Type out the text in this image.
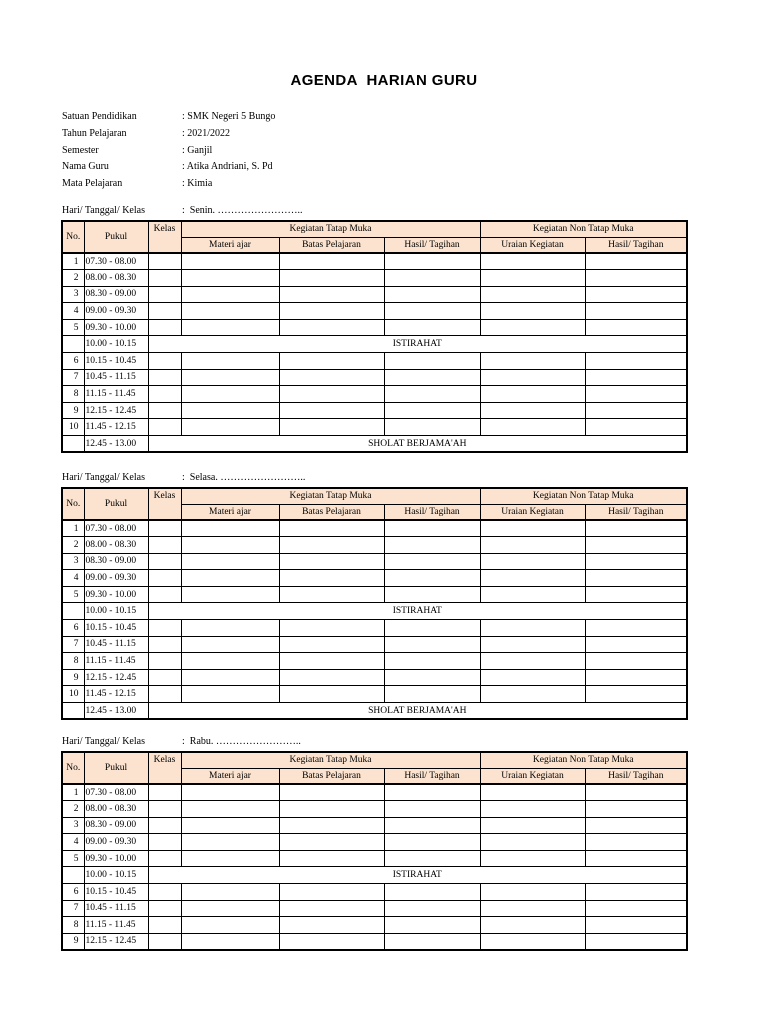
AGENDA  HARIAN GURU
Satuan Pendidikan	: SMK Negeri 5 Bungo
Tahun Pelajaran	: 2021/2022
Semester	: Ganjil
Nama Guru	: Atika Andriani, S. Pd
Mata Pelajaran	: Kimia
Hari/ Tanggal/ Kelas	:  Senin. ……………………..
No.	Pukul	Kelas	Kegiatan Tatap Muka			Kegiatan Non Tatap Muka	
			Materi ajar	Batas Pelajaran	Hasil/ Tagihan	Uraian Kegiatan	Hasil/ Tagihan
1	07.30 - 08.00						
2	08.00 - 08.30						
3	08.30 - 09.00						
4	09.00 - 09.30						
5	09.30 - 10.00						
	10.00 - 10.15	ISTIRAHAT					
6	10.15 - 10.45						
7	10.45 - 11.15						
8	11.15 - 11.45						
9	12.15 - 12.45						
10	11.45 - 12.15						
	12.45 - 13.00	SHOLAT BERJAMA'AH					
Hari/ Tanggal/ Kelas	:  Selasa. ……………………..
No.	Pukul	Kelas	Kegiatan Tatap Muka			Kegiatan Non Tatap Muka	
			Materi ajar	Batas Pelajaran	Hasil/ Tagihan	Uraian Kegiatan	Hasil/ Tagihan
1	07.30 - 08.00						
2	08.00 - 08.30						
3	08.30 - 09.00						
4	09.00 - 09.30						
5	09.30 - 10.00						
	10.00 - 10.15	ISTIRAHAT					
6	10.15 - 10.45						
7	10.45 - 11.15						
8	11.15 - 11.45						
9	12.15 - 12.45						
10	11.45 - 12.15						
	12.45 - 13.00	SHOLAT BERJAMA'AH					
Hari/ Tanggal/ Kelas	:  Rabu. ……………………..
No.	Pukul	Kelas	Kegiatan Tatap Muka			Kegiatan Non Tatap Muka	
			Materi ajar	Batas Pelajaran	Hasil/ Tagihan	Uraian Kegiatan	Hasil/ Tagihan
1	07.30 - 08.00						
2	08.00 - 08.30						
3	08.30 - 09.00						
4	09.00 - 09.30						
5	09.30 - 10.00						
	10.00 - 10.15	ISTIRAHAT					
6	10.15 - 10.45						
7	10.45 - 11.15						
8	11.15 - 11.45						
9	12.15 - 12.45						
